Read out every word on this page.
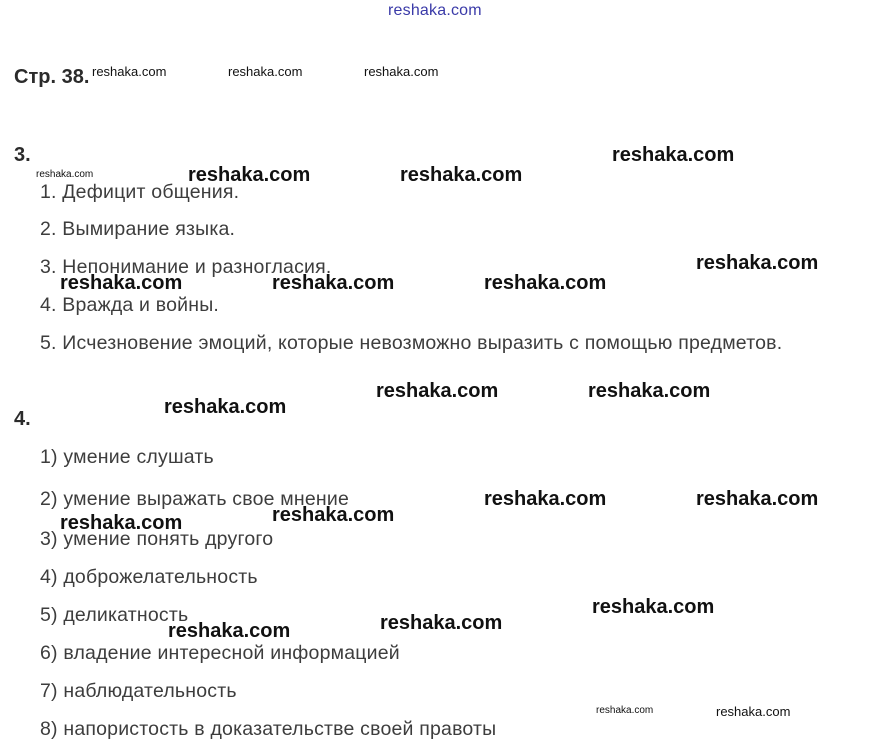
reshaka.com
Стр. 38.
3.
1. Дефицит общения.
2. Вымирание языка.
3. Непонимание и разногласия.
4. Вражда и войны.
5. Исчезновение эмоций, которые невозможно выразить с помощью предметов.
4.
1) умение слушать
2) умение выражать свое мнение
3) умение понять другого
4) доброжелательность
5) деликатность
6) владение интересной информацией
7) наблюдательность
8) напористость в доказательстве своей правоты
reshaka.com	reshaka.com	reshaka.com
reshaka.com	reshaka.com	reshaka.com
reshaka.com
reshaka.com
reshaka.com	reshaka.com	reshaka.com
reshaka.com	reshaka.com
reshaka.com
reshaka.com	reshaka.com
reshaka.com
reshaka.com
reshaka.com
reshaka.com
reshaka.com
reshaka.com	reshaka.com
